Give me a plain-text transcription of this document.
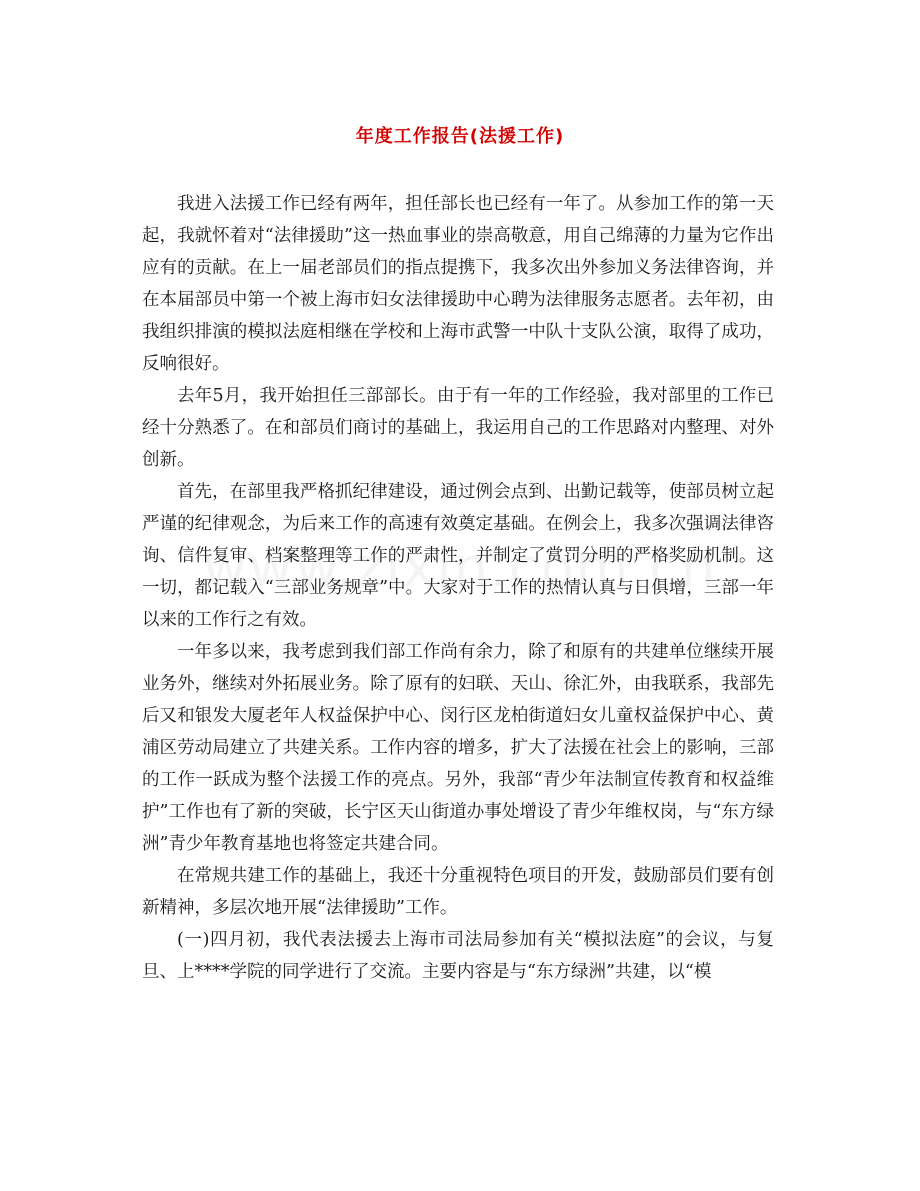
年度工作报告(法援工作)

我进入法援工作已经有两年，担任部长也已经有一年了。从参加工作的第一天起，我就怀着对“法律援助”这一热血事业的崇高敬意，用自己绵薄的力量为它作出应有的贡献。在上一届老部员们的指点提携下，我多次出外参加义务法律咨询，并在本届部员中第一个被上海市妇女法律援助中心聘为法律服务志愿者。去年初，由我组织排演的模拟法庭相继在学校和上海市武警一中队十支队公演，取得了成功，反响很好。

去年5月，我开始担任三部部长。由于有一年的工作经验，我对部里的工作已经十分熟悉了。在和部员们商讨的基础上，我运用自己的工作思路对内整理、对外创新。

首先，在部里我严格抓纪律建设，通过例会点到、出勤记载等，使部员树立起严谨的纪律观念，为后来工作的高速有效奠定基础。在例会上，我多次强调法律咨询、信件复审、档案整理等工作的严肃性，并制定了赏罚分明的严格奖励机制。这一切，都记载入“三部业务规章”中。大家对于工作的热情认真与日俱增，三部一年以来的工作行之有效。

一年多以来，我考虑到我们部工作尚有余力，除了和原有的共建单位继续开展业务外，继续对外拓展业务。除了原有的妇联、天山、徐汇外，由我联系，我部先后又和银发大厦老年人权益保护中心、闵行区龙柏街道妇女儿童权益保护中心、黄浦区劳动局建立了共建关系。工作内容的增多，扩大了法援在社会上的影响，三部的工作一跃成为整个法援工作的亮点。另外，我部“青少年法制宣传教育和权益维护”工作也有了新的突破，长宁区天山街道办事处增设了青少年维权岗，与“东方绿洲”青少年教育基地也将签定共建合同。

在常规共建工作的基础上，我还十分重视特色项目的开发，鼓励部员们要有创新精神，多层次地开展“法律援助”工作。

(一)四月初，我代表法援去上海市司法局参加有关“模拟法庭”的会议，与复旦、上****学院的同学进行了交流。主要内容是与“东方绿洲”共建，以“模
